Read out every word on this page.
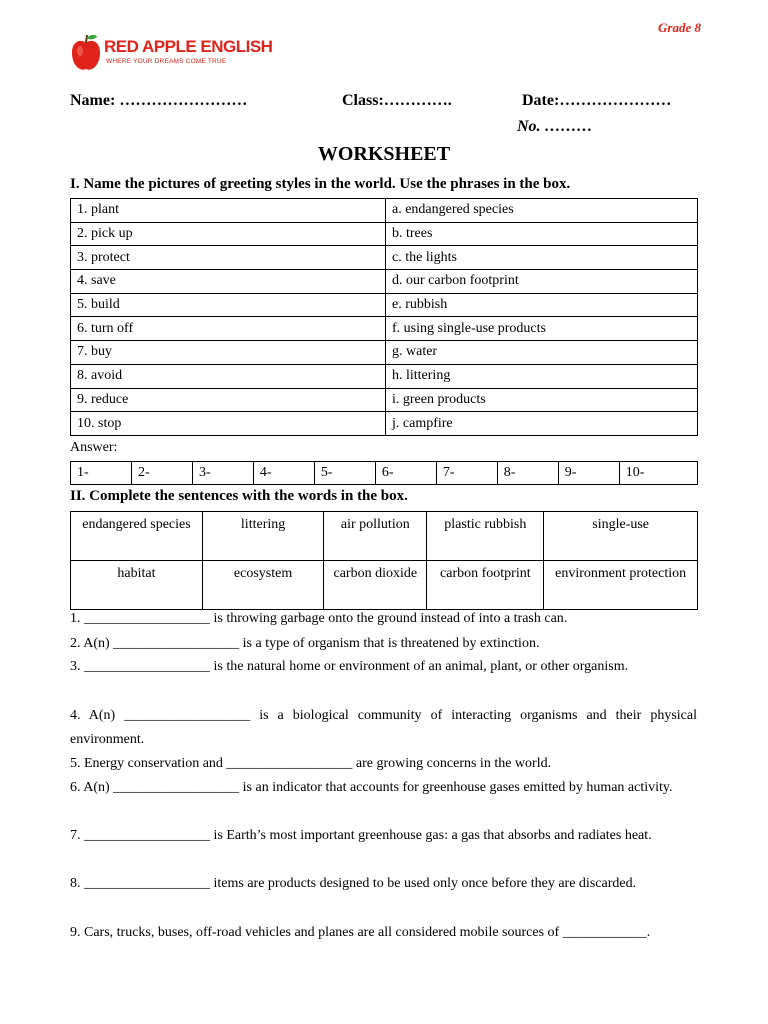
Grade 8
RED APPLE ENGLISH
WHERE YOUR DREAMS COME TRUE
Name: ……………………	Class:………….	Date:…………………
No. ………
WORKSHEET
I. Name the pictures of greeting styles in the world. Use the phrases in the box.
1. plant	a. endangered species
2. pick up	b. trees
3. protect	c. the lights
4. save	d. our carbon footprint
5. build	e. rubbish
6. turn off	f. using single-use products
7. buy	g. water
8. avoid	h. littering
9. reduce	i. green products
10. stop	j. campfire
Answer:
1-	2-	3-	4-	5-	6-	7-	8-	9-	10-
II. Complete the sentences with the words in the box.
endangered species	littering	air pollution	plastic rubbish	single-use
habitat	ecosystem	carbon dioxide	carbon footprint	environment protection
1. __________________ is throwing garbage onto the ground instead of into a trash can.
2. A(n) __________________ is a type of organism that is threatened by extinction.
3. __________________ is the natural home or environment of an animal, plant, or other organism.
4. A(n) __________________ is a biological community of interacting organisms and their physical environment.
5. Energy conservation and __________________ are growing concerns in the world.
6. A(n) __________________ is an indicator that accounts for greenhouse gases emitted by human activity.
7. __________________ is Earth’s most important greenhouse gas: a gas that absorbs and radiates heat.
8. __________________ items are products designed to be used only once before they are discarded.
9. Cars, trucks, buses, off-road vehicles and planes are all considered mobile sources of ____________.
